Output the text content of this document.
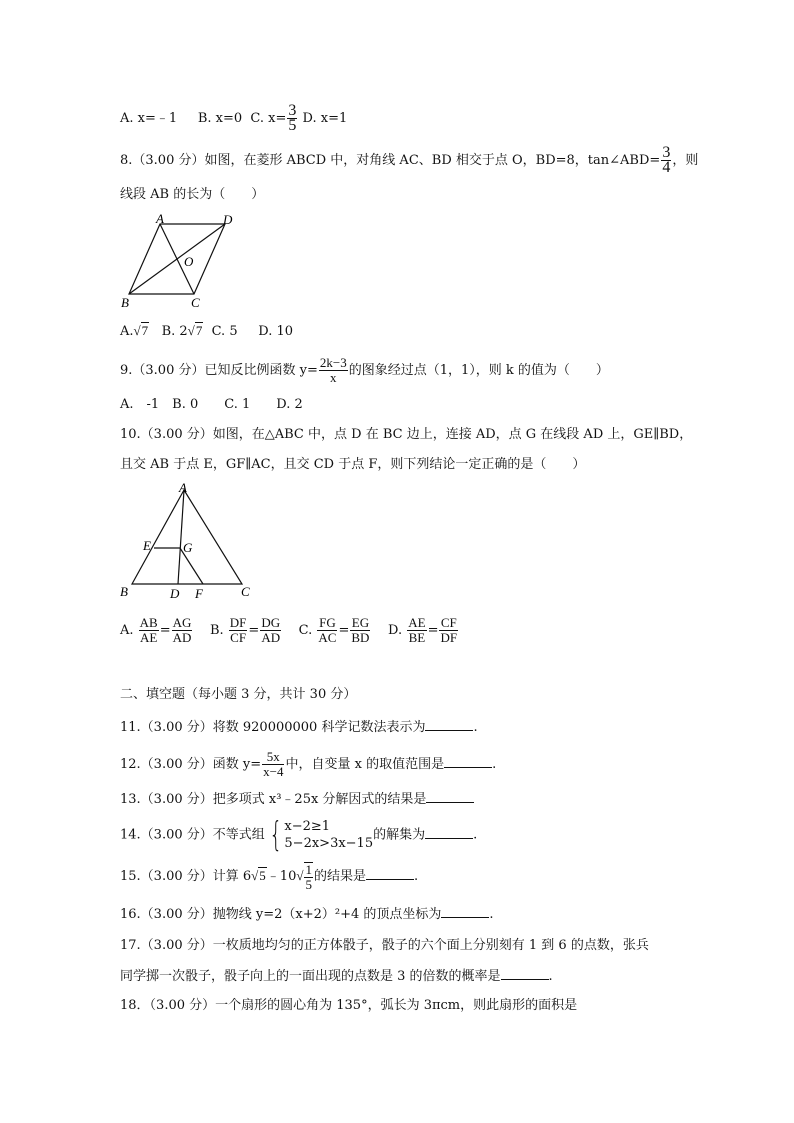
A. x=﹣1 B. x=0 C. $x= \frac{3}{5} D$. x=1
8.（3.00 分）如图，在菱形 ABCD 中，对角线 AC、BD 相交于点 O，BD=8，tan∠ABD= $\frac{3}{4}$ ，则
线段 AB 的长为（　　）
A	D
O
B	C
A.√7 B. 2√7 C. 5 D. 10
9.（3.00 分）已知反比例函数 $y= \frac{2k-3}{x}$ 的图象经过点（1，1），则 k 的值为（　　）
A.　-1　B. 0　　C. 1　　D. 2
10.（3.00 分）如图，在△ABC 中，点 D 在 BC 边上，连接 AD，点 G 在线段 AD 上，GE∥BD，
且交 AB 于点 E，GF∥AC，且交 CD 于点 F，则下列结论一定正确的是（　　）
A
E G
B	D F	C
A. $\frac{AB}{AE} = \frac{AG}{AD} B$. $\frac{DF}{CF} = \frac{DG}{AD} C$. $\frac{FG}{AC} = \frac{EG}{BD} D$. $\frac{AE}{BE} = \frac{CF}{DF}$
二、填空题（每小题 3 分，共计 30 分）
11.（3.00 分）将数 920000000 科学记数法表示为	.
12.（3.00 分）函数 $y= \frac{5x}{x-4}$ 中，自变量 x 的取值范围是	.
13.（3.00 分）把多项式 x³﹣25x 分解因式的结果是
14.（3.00 分）不等式组 { x−2≥1
5−2x>3x−15
的解集为	.
15.（3.00 分）计算 6√5﹣10√ $\frac{1}{5}$ 的结果是	.
16.（3.00 分）抛物线 y=2（x+2）²+4 的顶点坐标为	.
17.（3.00 分）一枚质地均匀的正方体骰子，骰子的六个面上分别刻有 1 到 6 的点数，张兵
同学掷一次骰子，骰子向上的一面出现的点数是 3 的倍数的概率是	.
18．（3.00 分）一个扇形的圆心角为 135°，弧长为 3πcm，则此扇形的面积是
